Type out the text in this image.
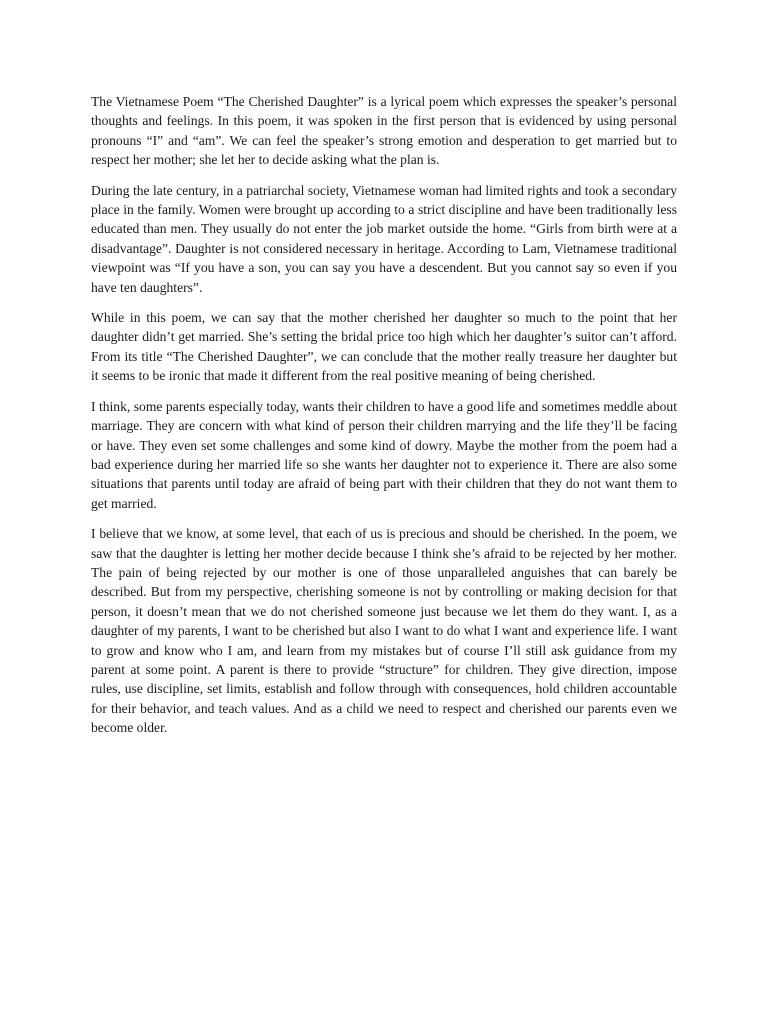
The Vietnamese Poem “The Cherished Daughter” is a lyrical poem which expresses the speaker’s personal thoughts and feelings. In this poem, it was spoken in the first person that is evidenced by using personal pronouns “I” and “am”. We can feel the speaker’s strong emotion and desperation to get married but to respect her mother; she let her to decide asking what the plan is.

During the late century, in a patriarchal society, Vietnamese woman had limited rights and took a secondary place in the family. Women were brought up according to a strict discipline and have been traditionally less educated than men. They usually do not enter the job market outside the home. “Girls from birth were at a disadvantage”. Daughter is not considered necessary in heritage. According to Lam, Vietnamese traditional viewpoint was “If you have a son, you can say you have a descendent. But you cannot say so even if you have ten daughters”.

While in this poem, we can say that the mother cherished her daughter so much to the point that her daughter didn’t get married. She’s setting the bridal price too high which her daughter’s suitor can’t afford. From its title “The Cherished Daughter”, we can conclude that the mother really treasure her daughter but it seems to be ironic that made it different from the real positive meaning of being cherished.

I think, some parents especially today, wants their children to have a good life and sometimes meddle about marriage. They are concern with what kind of person their children marrying and the life they’ll be facing or have. They even set some challenges and some kind of dowry. Maybe the mother from the poem had a bad experience during her married life so she wants her daughter not to experience it. There are also some situations that parents until today are afraid of being part with their children that they do not want them to get married.

I believe that we know, at some level, that each of us is precious and should be cherished. In the poem, we saw that the daughter is letting her mother decide because I think she’s afraid to be rejected by her mother. The pain of being rejected by our mother is one of those unparalleled anguishes that can barely be described. But from my perspective, cherishing someone is not by controlling or making decision for that person, it doesn’t mean that we do not cherished someone just because we let them do they want. I, as a daughter of my parents, I want to be cherished but also I want to do what I want and experience life. I want to grow and know who I am, and learn from my mistakes but of course I’ll still ask guidance from my parent at some point. A parent is there to provide “structure” for children. They give direction, impose rules, use discipline, set limits, establish and follow through with consequences, hold children accountable for their behavior, and teach values. And as a child we need to respect and cherished our parents even we become older.
